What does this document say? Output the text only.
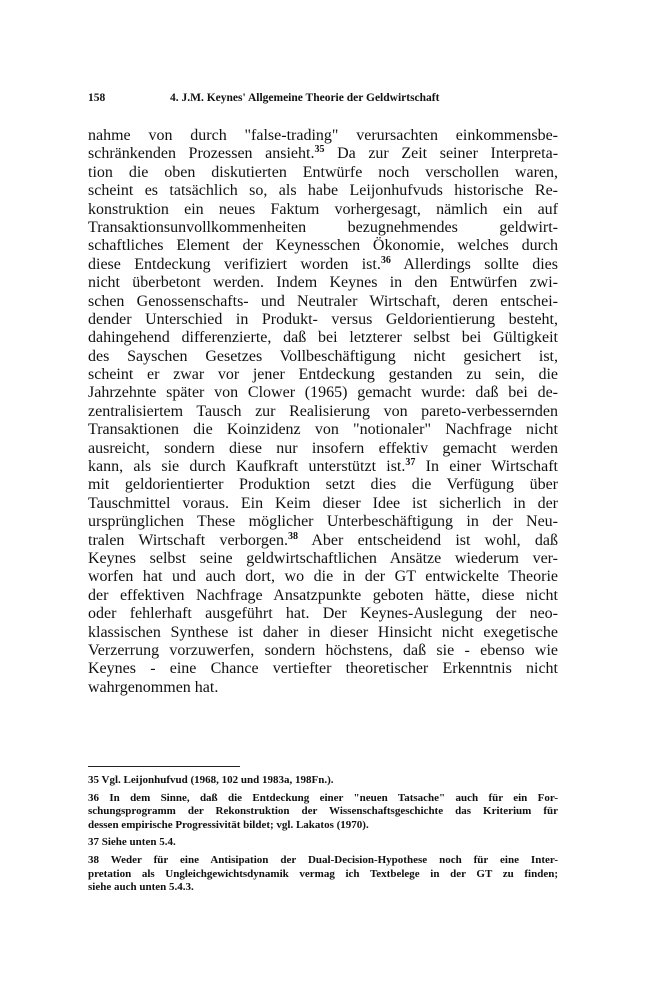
158	4. J.M. Keynes' Allgemeine Theorie der Geldwirtschaft
nahme von durch "false-trading" verursachten einkommensbe-
schränkenden Prozessen ansieht.$^{35}$ Da zur Zeit seiner Interpreta-
tion die oben diskutierten Entwürfe noch verschollen waren,
scheint es tatsächlich so, als habe Leijonhufvuds historische Re-
konstruktion ein neues Faktum vorhergesagt, nämlich ein auf
Transaktionsunvollkommenheiten bezugnehmendes geldwirt-
schaftliches Element der Keynesschen Ökonomie, welches durch
diese Entdeckung verifiziert worden ist.$^{36}$ Allerdings sollte dies
nicht überbetont werden. Indem Keynes in den Entwürfen zwi-
schen Genossenschafts- und Neutraler Wirtschaft, deren entschei-
dender Unterschied in Produkt- versus Geldorientierung besteht,
dahingehend differenzierte, daß bei letzterer selbst bei Gültigkeit
des Sayschen Gesetzes Vollbeschäftigung nicht gesichert ist,
scheint er zwar vor jener Entdeckung gestanden zu sein, die
Jahrzehnte später von Clower (1965) gemacht wurde: daß bei de-
zentralisiertem Tausch zur Realisierung von pareto-verbessernden
Transaktionen die Koinzidenz von "notionaler" Nachfrage nicht
ausreicht, sondern diese nur insofern effektiv gemacht werden
kann, als sie durch Kaufkraft unterstützt ist.$^{37}$ In einer Wirtschaft
mit geldorientierter Produktion setzt dies die Verfügung über
Tauschmittel voraus. Ein Keim dieser Idee ist sicherlich in der
ursprünglichen These möglicher Unterbeschäftigung in der Neu-
tralen Wirtschaft verborgen.$^{38}$ Aber entscheidend ist wohl, daß
Keynes selbst seine geldwirtschaftlichen Ansätze wiederum ver-
worfen hat und auch dort, wo die in der GT entwickelte Theorie
der effektiven Nachfrage Ansatzpunkte geboten hätte, diese nicht
oder fehlerhaft ausgeführt hat. Der Keynes-Auslegung der neo-
klassischen Synthese ist daher in dieser Hinsicht nicht exegetische
Verzerrung vorzuwerfen, sondern höchstens, daß sie - ebenso wie
Keynes - eine Chance vertiefter theoretischer Erkenntnis nicht
wahrgenommen hat.
35 Vgl. Leijonhufvud (1968, 102 und 1983a, 198Fn.).
36 In dem Sinne, daß die Entdeckung einer "neuen Tatsache" auch für ein For-
schungsprogramm der Rekonstruktion der Wissenschaftsgeschichte das Kriterium für
dessen empirische Progressivität bildet; vgl. Lakatos (1970).
37 Siehe unten 5.4.
38 Weder für eine Antisipation der Dual-Decision-Hypothese noch für eine Inter-
pretation als Ungleichgewichtsdynamik vermag ich Textbelege in der GT zu finden;
siehe auch unten 5.4.3.
